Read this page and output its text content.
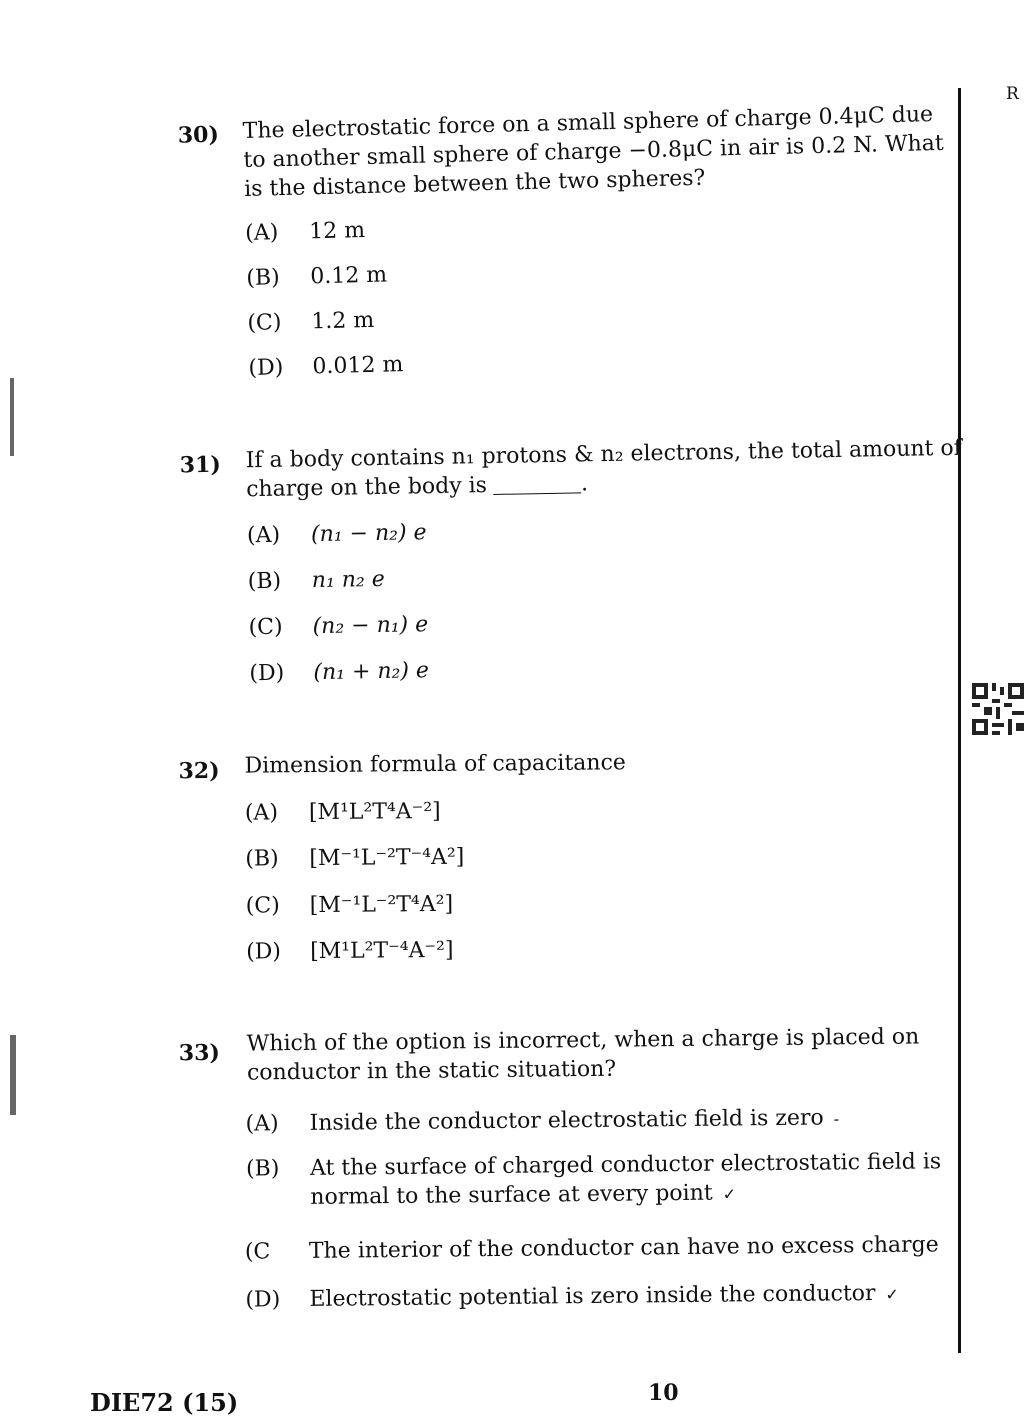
R
30) The electrostatic force on a small sphere of charge 0.4μC due to another small sphere of charge −0.8μC in air is 0.2 N. What is the distance between the two spheres?
(A) 12 m
(B) 0.12 m
(C) 1.2 m
(D) 0.012 m
31) If a body contains n₁ protons & n₂ electrons, the total amount of charge on the body is	.
(A) (n₁ − n₂) e
(B) n₁ n₂ e
(C) (n₂ − n₁) e
(D) (n₁ + n₂) e
32) Dimension formula of capacitance
(A) [M¹L²T⁴A⁻²]
(B) [M⁻¹L⁻²T⁻⁴A²]
(C) [M⁻¹L⁻²T⁴A²]
(D) [M¹L²T⁻⁴A⁻²]
33) Which of the option is incorrect, when a charge is placed on conductor in the static situation?
(A) Inside the conductor electrostatic field is zero -
(B) At the surface of charged conductor electrostatic field is normal to the surface at every point ✓
(C The interior of the conductor can have no excess charge
(D) Electrostatic potential is zero inside the conductor ✓
DIE72 (15)	10
